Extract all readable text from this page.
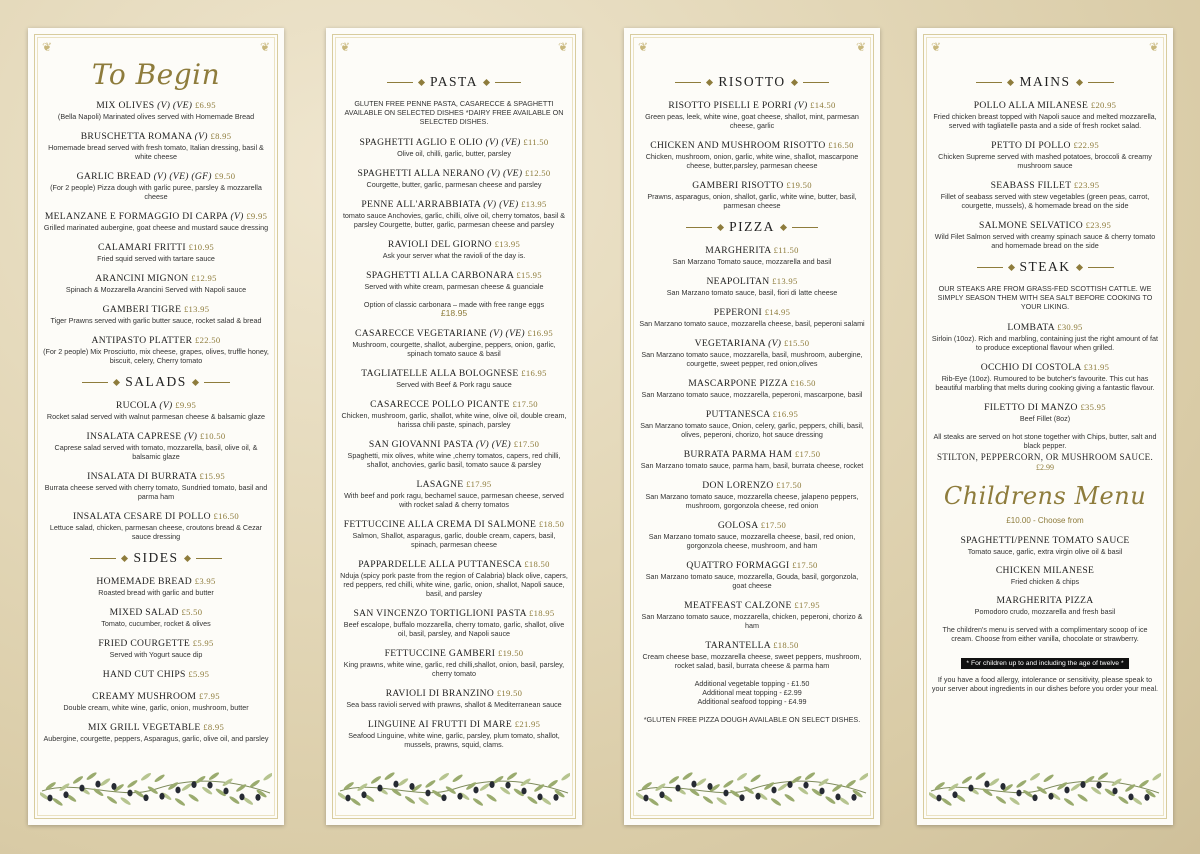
❦	❦
To Begin
MIX OLIVES (V) (VE) £6.95
(Bella Napoli) Marinated olives served with Homemade Bread
BRUSCHETTA ROMANA (V) £8.95
Homemade bread served with fresh tomato, Italian dressing, basil & white cheese
GARLIC BREAD (V) (VE) (GF) £9.50
(For 2 people) Pizza dough with garlic puree, parsley & mozzarella cheese
MELANZANE E FORMAGGIO DI CARPA (V) £9.95
Grilled marinated aubergine, goat cheese and mustard sauce dressing
CALAMARI FRITTI £10.95
Fried squid served with tartare sauce
ARANCINI MIGNON £12.95
Spinach & Mozzarella Arancini Served with Napoli sauce
GAMBERI TIGRE £13.95
Tiger Prawns served with garlic butter sauce, rocket salad & bread
ANTIPASTO PLATTER £22.50
(For 2 people) Mix Prosciutto, mix cheese, grapes, olives, truffle honey, biscuit, celery, Cherry tomato
SALADS
RUCOLA (V) £9.95
Rocket salad served with walnut parmesan cheese & balsamic glaze
INSALATA CAPRESE (V) £10.50
Caprese salad served with tomato, mozzarella, basil, olive oil, & balsamic glaze
INSALATA DI BURRATA £15.95
Burrata cheese served with cherry tomato, Sundried tomato, basil and parma ham
INSALATA CESARE DI POLLO £16.50
Lettuce salad, chicken, parmesan cheese, croutons bread & Cezar sauce dressing
SIDES
HOMEMADE BREAD £3.95
Roasted bread with garlic and butter
MIXED SALAD £5.50
Tomato, cucumber, rocket & olives
FRIED COURGETTE £5.95
Served with Yogurt sauce dip
HAND CUT CHIPS £5.95
CREAMY MUSHROOM £7.95
Double cream, white wine, garlic, onion, mushroom, butter
MIX GRILL VEGETABLE £8.95
Aubergine, courgette, peppers, Asparagus, garlic, olive oil, and parsley
❦	❦
PASTA
GLUTEN FREE PENNE PASTA, CASARECCE & SPAGHETTI AVAILABLE ON SELECTED DISHES *DAIRY FREE AVAILABLE ON SELECTED DISHES.
SPAGHETTI AGLIO E OLIO (V) (VE) £11.50
Olive oil, chilli, garlic, butter, parsley
SPAGHETTI ALLA NERANO (V) (VE) £12.50
Courgette, butter, garlic, parmesan cheese and parsley
PENNE ALL'ARRABBIATA (V) (VE) £13.95
tomato sauce Anchovies, garlic, chilli, olive oil, cherry tomatos, basil & parsley Courgette, butter, garlic, parmesan cheese and parsley
RAVIOLI DEL GIORNO £13.95
Ask your server what the ravioli of the day is.
SPAGHETTI ALLA CARBONARA £15.95
Served with white cream, parmesan cheese & guanciale
Option of classic carbonara – made with free range eggs
£18.95
CASARECCE VEGETARIANE (V) (VE) £16.95
Mushroom, courgette, shallot, aubergine, peppers, onion, garlic, spinach tomato sauce & basil
TAGLIATELLE ALLA BOLOGNESE £16.95
Served with Beef & Pork ragu sauce
CASARECCE POLLO PICANTE £17.50
Chicken, mushroom, garlic, shallot, white wine, olive oil, double cream, harissa chili paste, spinach, parsley
SAN GIOVANNI PASTA (V) (VE) £17.50
Spaghetti, mix olives, white wine ,cherry tomatos, capers, red chilli, shallot, anchovies, garlic basil, tomato sauce & parsley
LASAGNE £17.95
With beef and pork ragu, bechamel sauce, parmesan cheese, served with rocket salad & cherry tomatos
FETTUCCINE ALLA CREMA DI SALMONE £18.50
Salmon, Shallot, asparagus, garlic, double cream, capers, basil, spinach, parmesan cheese
PAPPARDELLE ALLA PUTTANESCA £18.50
Nduja (spicy pork paste from the region of Calabria) black olive, capers, red peppers, red chilli, white wine, garlic, onion, shallot, Napoli sauce, basil, and parsley
SAN VINCENZO TORTIGLIONI PASTA £18.95
Beef escalope, buffalo mozzarella, cherry tomato, garlic, shallot, olive oil, basil, parsley, and Napoli sauce
FETTUCCINE GAMBERI £19.50
King prawns, white wine, garlic, red chilli,shallot, onion, basil, parsley, cherry tomato
RAVIOLI DI BRANZINO £19.50
Sea bass ravioli served with prawns, shallot & Mediterranean sauce
LINGUINE AI FRUTTI DI MARE £21.95
Seafood Linguine, white wine, garlic, parsley, plum tomato, shallot, mussels, prawns, squid, clams.
❦	❦
RISOTTO
RISOTTO PISELLI E PORRI (V) £14.50
Green peas, leek, white wine, goat cheese, shallot, mint, parmesan cheese, garlic
CHICKEN AND MUSHROOM RISOTTO £16.50
Chicken, mushroom, onion, garlic, white wine, shallot, mascarpone cheese, butter,parsley, parmesan cheese
GAMBERI RISOTTO £19.50
Prawns, asparagus, onion, shallot, garlic, white wine, butter, basil, parmesan cheese
PIZZA
MARGHERITA £11.50
San Marzano Tomato sauce, mozzarella and basil
NEAPOLITAN £13.95
San Marzano tomato sauce, basil, fiori di latte cheese
PEPERONI £14.95
San Marzano tomato sauce, mozzarella cheese, basil, peperoni salami
VEGETARIANA (V) £15.50
San Marzano tomato sauce, mozzarella, basil, mushroom, aubergine, courgette, sweet pepper, red onion,olives
MASCARPONE PIZZA £16.50
San Marzano tomato sauce, mozzarella, peperoni, mascarpone, basil
PUTTANESCA £16.95
San Marzano tomato sauce, Onion, celery, garlic, peppers, chilli, basil, olives, peperoni, chorizo, hot sauce dressing
BURRATA PARMA HAM £17.50
San Marzano tomato sauce, parma ham, basil, burrata cheese, rocket
DON LORENZO £17.50
San Marzano tomato sauce, mozzarella cheese, jalapeno peppers, mushroom, gorgonzola cheese, red onion
GOLOSA £17.50
San Marzano tomato sauce, mozzarella cheese, basil, red onion, gorgonzola cheese, mushroom, and ham
QUATTRO FORMAGGI £17.50
San Marzano tomato sauce, mozzarella, Gouda, basil, gorgonzola, goat cheese
MEATFEAST CALZONE £17.95
San Marzano tomato sauce, mozzarella, chicken, peperoni, chorizo & ham
TARANTELLA £18.50
Cream cheese base, mozzarella cheese, sweet peppers, mushroom, rocket salad, basil, burrata cheese & parma ham
Additional vegetable topping - £1.50
Additional meat topping - £2.99
Additional seafood topping - £4.99
*GLUTEN FREE PIZZA DOUGH AVAILABLE ON SELECT DISHES.
❦	❦
MAINS
POLLO ALLA MILANESE £20.95
Fried chicken breast topped with Napoli sauce and melted mozzarella, served with tagliatelle pasta and a side of fresh rocket salad.
PETTO DI POLLO £22.95
Chicken Supreme served with mashed potatoes, broccoli & creamy mushroom sauce
SEABASS FILLET £23.95
Fillet of seabass served with stew vegetables (green peas, carrot, courgette, mussels), & homemade bread on the side
SALMONE SELVATICO £23.95
Wild Filet Salmon served with creamy spinach sauce & cherry tomato and homemade bread on the side
STEAK
OUR STEAKS ARE FROM GRASS-FED SCOTTISH CATTLE. WE SIMPLY SEASON THEM WITH SEA SALT BEFORE COOKING TO YOUR LIKING.
LOMBATA £30.95
Sirloin (10oz). Rich and marbling, containing just the right amount of fat to produce exceptional flavour when grilled.
OCCHIO DI COSTOLA £31.95
Rib-Eye (10oz). Rumoured to be butcher's favourite. This cut has beautiful marbling that melts during cooking giving a fantastic flavour.
FILETTO DI MANZO £35.95
Beef Fillet (8oz)
All steaks are served on hot stone together with Chips, butter, salt and black pepper.
STILTON, PEPPERCORN, OR MUSHROOM SAUCE.
£2.99
Childrens Menu
£10.00 - Choose from
SPAGHETTI/PENNE TOMATO SAUCE
Tomato sauce, garlic, extra virgin olive oil & basil
CHICKEN MILANESE
Fried chicken & chips
MARGHERITA PIZZA
Pomodoro crudo, mozzarella and fresh basil
The children's menu is served with a complimentary scoop of ice cream. Choose from either vanilla, chocolate or strawberry.
* For children up to and including the age of twelve *
If you have a food allergy, intolerance or sensitivity, please speak to your server about ingredients in our dishes before you order your meal.
